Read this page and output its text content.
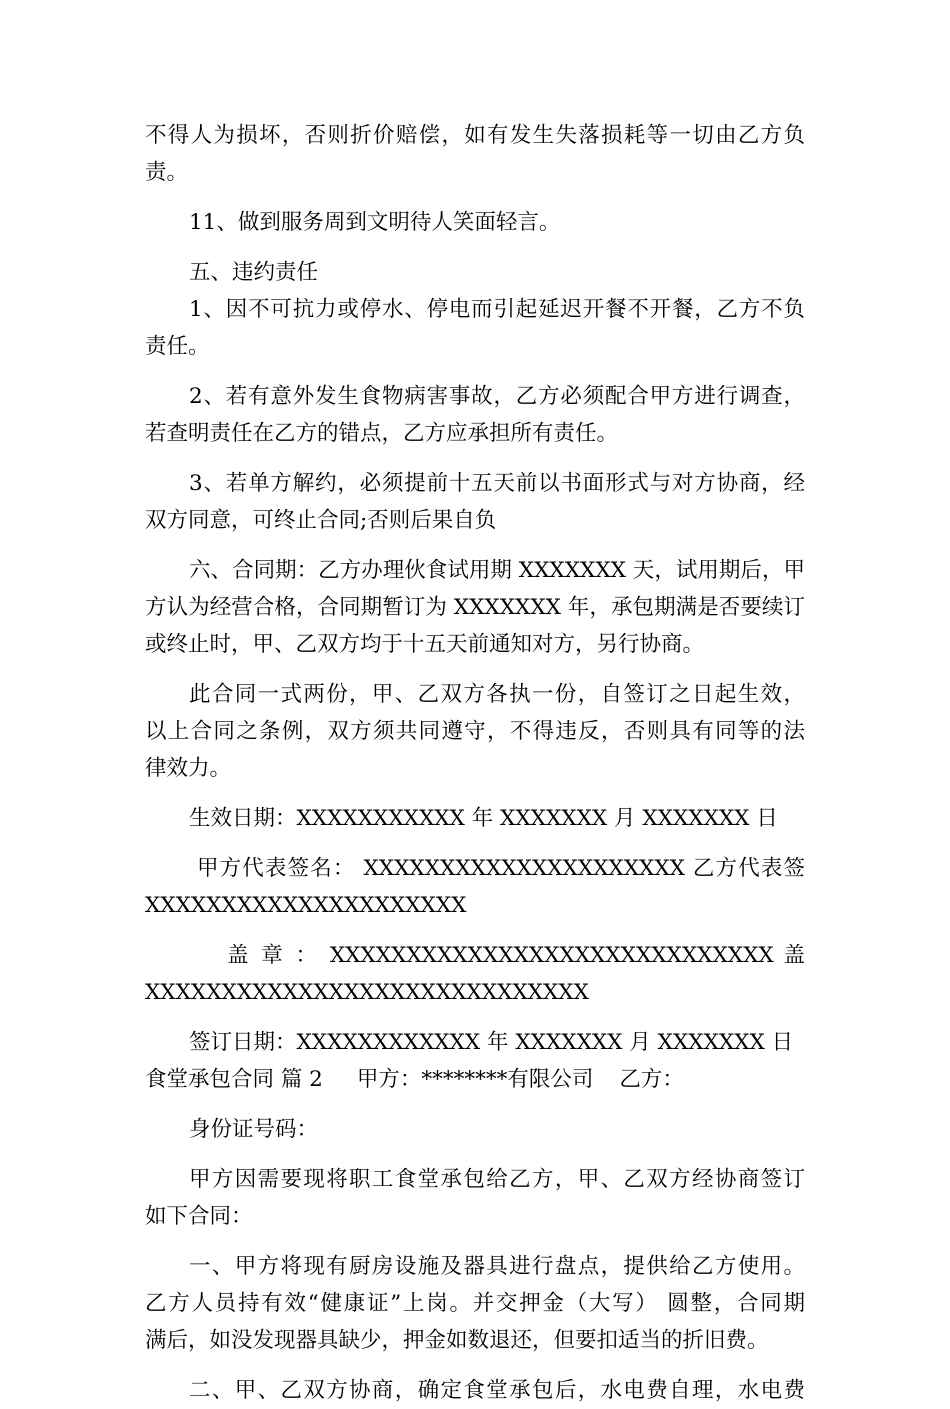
不得人为损坏，否则折价赔偿，如有发生失落损耗等一切由乙方负
责。
11、做到服务周到文明待人笑面轻言。
五、违约责任
1、因不可抗力或停水、停电而引起延迟开餐不开餐，乙方不负
责任。
2、若有意外发生食物病害事故，乙方必须配合甲方进行调查，
若查明责任在乙方的错点，乙方应承担所有责任。
3、若单方解约，必须提前十五天前以书面形式与对方协商，经
双方同意，可终止合同;否则后果自负
六、合同期：乙方办理伙食试用期 XXXXXXX 天，试用期后，甲
方认为经营合格，合同期暂订为 XXXXXXX 年，承包期满是否要续订
或终止时，甲、乙双方均于十五天前通知对方，另行协商。
此合同一式两份，甲、乙双方各执一份，自签订之日起生效，
以上合同之条例，双方须共同遵守，不得违反，否则具有同等的法
律效力。
生效日期：XXXXXXXXXXX 年 XXXXXXX 月 XXXXXXX 日
甲方代表签名： XXXXXXXXXXXXXXXXXXXXX 乙方代表签
XXXXXXXXXXXXXXXXXXXXX
盖 章 ： XXXXXXXXXXXXXXXXXXXXXXXXXXXXX 盖
XXXXXXXXXXXXXXXXXXXXXXXXXXXXX
签订日期：XXXXXXXXXXXX 年 XXXXXXX 月 XXXXXXX 日
食堂承包合同 篇 2 甲方：********有限公司 乙方：
身份证号码：
甲方因需要现将职工食堂承包给乙方，甲、乙双方经协商签订
如下合同：
一、甲方将现有厨房设施及器具进行盘点，提供给乙方使用。
乙方人员持有效“健康证”上岗。并交押金（大写） 圆整，合同期
满后，如没发现器具缺少，押金如数退还，但要扣适当的折旧费。
二、甲、乙双方协商，确定食堂承包后，水电费自理，水电费
